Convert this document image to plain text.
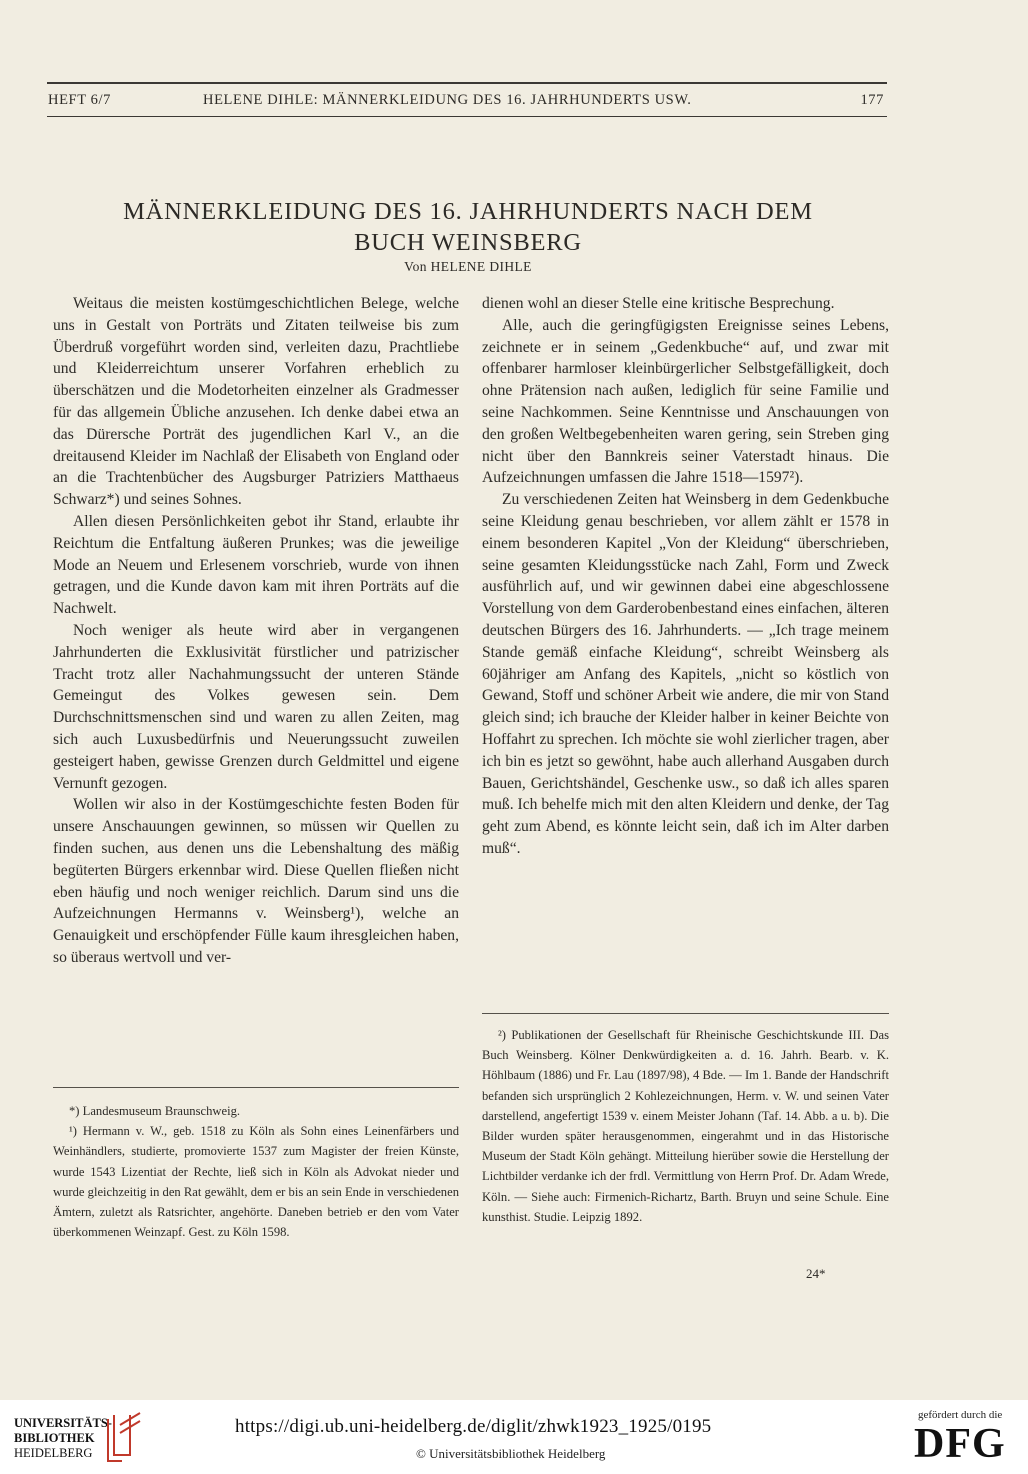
HEFT 6/7	HELENE DIHLE: MÄNNERKLEIDUNG DES 16. JAHRHUNDERTS USW.	177
MÄNNERKLEIDUNG DES 16. JAHRHUNDERTS NACH DEM
BUCH WEINSBERG
Von HELENE DIHLE

Weitaus die meisten kostümgeschichtlichen Belege, welche uns in Gestalt von Porträts und Zitaten teilweise bis zum Überdruß vorgeführt worden sind, verleiten dazu, Prachtliebe und Kleiderreichtum unserer Vorfahren erheblich zu überschätzen und die Modetorheiten einzelner als Gradmesser für das allgemein Übliche anzusehen. Ich denke dabei etwa an das Dürersche Porträt des jugendlichen Karl V., an die dreitausend Kleider im Nachlaß der Elisabeth von England oder an die Trachtenbücher des Augsburger Patriziers Matthaeus Schwarz*) und seines Sohnes.

Allen diesen Persönlichkeiten gebot ihr Stand, erlaubte ihr Reichtum die Entfaltung äußeren Prunkes; was die jeweilige Mode an Neuem und Erlesenem vorschrieb, wurde von ihnen getragen, und die Kunde davon kam mit ihren Porträts auf die Nachwelt.

Noch weniger als heute wird aber in vergangenen Jahrhunderten die Exklusivität fürstlicher und patrizischer Tracht trotz aller Nachahmungssucht der unteren Stände Gemeingut des Volkes gewesen sein. Dem Durchschnittsmenschen sind und waren zu allen Zeiten, mag sich auch Luxusbedürfnis und Neuerungssucht zuweilen gesteigert haben, gewisse Grenzen durch Geldmittel und eigene Vernunft gezogen.

Wollen wir also in der Kostümgeschichte festen Boden für unsere Anschauungen gewinnen, so müssen wir Quellen zu finden suchen, aus denen uns die Lebenshaltung des mäßig begüterten Bürgers erkennbar wird. Diese Quellen fließen nicht eben häufig und noch weniger reichlich. Darum sind uns die Aufzeichnungen Hermanns v. Weinsberg¹), welche an Genauigkeit und erschöpfender Fülle kaum ihresgleichen haben, so überaus wertvoll und ver-

dienen wohl an dieser Stelle eine kritische Besprechung.

Alle, auch die geringfügigsten Ereignisse seines Lebens, zeichnete er in seinem „Gedenkbuche“ auf, und zwar mit offenbarer harmloser kleinbürgerlicher Selbstgefälligkeit, doch ohne Prätension nach außen, lediglich für seine Familie und seine Nachkommen. Seine Kenntnisse und Anschauungen von den großen Weltbegebenheiten waren gering, sein Streben ging nicht über den Bannkreis seiner Vaterstadt hinaus. Die Aufzeichnungen umfassen die Jahre 1518—1597²).

Zu verschiedenen Zeiten hat Weinsberg in dem Gedenkbuche seine Kleidung genau beschrieben, vor allem zählt er 1578 in einem besonderen Kapitel „Von der Kleidung“ überschrieben, seine gesamten Kleidungsstücke nach Zahl, Form und Zweck ausführlich auf, und wir gewinnen dabei eine abgeschlossene Vorstellung von dem Garderobenbestand eines einfachen, älteren deutschen Bürgers des 16. Jahrhunderts. — „Ich trage meinem Stande gemäß einfache Kleidung“, schreibt Weinsberg als 60jähriger am Anfang des Kapitels, „nicht so köstlich von Gewand, Stoff und schöner Arbeit wie andere, die mir von Stand gleich sind; ich brauche der Kleider halber in keiner Beichte von Hoffahrt zu sprechen. Ich möchte sie wohl zierlicher tragen, aber ich bin es jetzt so gewöhnt, habe auch allerhand Ausgaben durch Bauen, Gerichtshändel, Geschenke usw., so daß ich alles sparen muß. Ich behelfe mich mit den alten Kleidern und denke, der Tag geht zum Abend, es könnte leicht sein, daß ich im Alter darben muß“.

*) Landesmuseum Braunschweig.

¹) Hermann v. W., geb. 1518 zu Köln als Sohn eines Leinenfärbers und Weinhändlers, studierte, promovierte 1537 zum Magister der freien Künste, wurde 1543 Lizentiat der Rechte, ließ sich in Köln als Advokat nieder und wurde gleichzeitig in den Rat gewählt, dem er bis an sein Ende in verschiedenen Ämtern, zuletzt als Ratsrichter, angehörte. Daneben betrieb er den vom Vater überkommenen Weinzapf. Gest. zu Köln 1598.

²) Publikationen der Gesellschaft für Rheinische Geschichtskunde III. Das Buch Weinsberg. Kölner Denkwürdigkeiten a. d. 16. Jahrh. Bearb. v. K. Höhlbaum (1886) und Fr. Lau (1897/98), 4 Bde. — Im 1. Bande der Handschrift befanden sich ursprünglich 2 Kohlezeichnungen, Herm. v. W. und seinen Vater darstellend, angefertigt 1539 v. einem Meister Johann (Taf. 14. Abb. a u. b). Die Bilder wurden später herausgenommen, eingerahmt und in das Historische Museum der Stadt Köln gehängt. Mitteilung hierüber sowie die Herstellung der Lichtbilder verdanke ich der frdl. Vermittlung von Herrn Prof. Dr. Adam Wrede, Köln. — Siehe auch: Firmenich-Richartz, Barth. Bruyn und seine Schule. Eine kunsthist. Studie. Leipzig 1892.

24*
UNIVERSITÄTS-
BIBLIOTHEK
HEIDELBERG
https://digi.ub.uni-heidelberg.de/diglit/zhwk1923_1925/0195
© Universitätsbibliothek Heidelberg
gefördert durch die
DFG
